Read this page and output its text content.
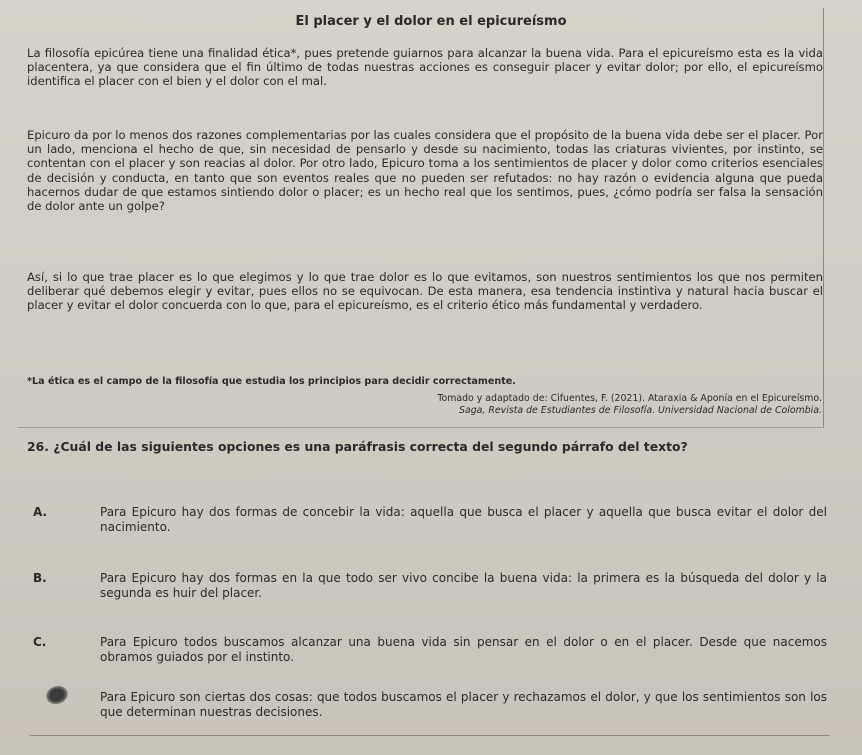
El placer y el dolor en el epicureísmo
La filosofía epicúrea tiene una finalidad ética*, pues pretende guiarnos para alcanzar la buena vida. Para el epicureísmo esta es la vida placentera, ya que considera que el fin último de todas nuestras acciones es conseguir placer y evitar dolor; por ello, el epicureísmo identifica el placer con el bien y el dolor con el mal.
Epicuro da por lo menos dos razones complementarias por las cuales considera que el propósito de la buena vida debe ser el placer. Por un lado, menciona el hecho de que, sin necesidad de pensarlo y desde su nacimiento, todas las criaturas vivientes, por instinto, se contentan con el placer y son reacias al dolor. Por otro lado, Epicuro toma a los sentimientos de placer y dolor como criterios esenciales de decisión y conducta, en tanto que son eventos reales que no pueden ser refutados: no hay razón o evidencia alguna que pueda hacernos dudar de que estamos sintiendo dolor o placer; es un hecho real que los sentimos, pues, ¿cómo podría ser falsa la sensación de dolor ante un golpe?
Así, si lo que trae placer es lo que elegimos y lo que trae dolor es lo que evitamos, son nuestros sentimientos los que nos permiten deliberar qué debemos elegir y evitar, pues ellos no se equivocan. De esta manera, esa tendencia instintiva y natural hacia buscar el placer y evitar el dolor concuerda con lo que, para el epicureísmo, es el criterio ético más fundamental y verdadero.
*La ética es el campo de la filosofía que estudia los principios para decidir correctamente.
Tomado y adaptado de: Cifuentes, F. (2021). Ataraxia & Aponía en el Epicureísmo.
Saga, Revista de Estudiantes de Filosofía. Universidad Nacional de Colombia.
26. ¿Cuál de las siguientes opciones es una paráfrasis correcta del segundo párrafo del texto?
A.	Para Epicuro hay dos formas de concebir la vida: aquella que busca el placer y aquella que busca evitar el dolor del nacimiento.
B.	Para Epicuro hay dos formas en la que todo ser vivo concibe la buena vida: la primera es la búsqueda del dolor y la segunda es huir del placer.
C.	Para Epicuro todos buscamos alcanzar una buena vida sin pensar en el dolor o en el placer. Desde que nacemos obramos guiados por el instinto.
Para Epicuro son ciertas dos cosas: que todos buscamos el placer y rechazamos el dolor, y que los sentimientos son los que determinan nuestras decisiones.
